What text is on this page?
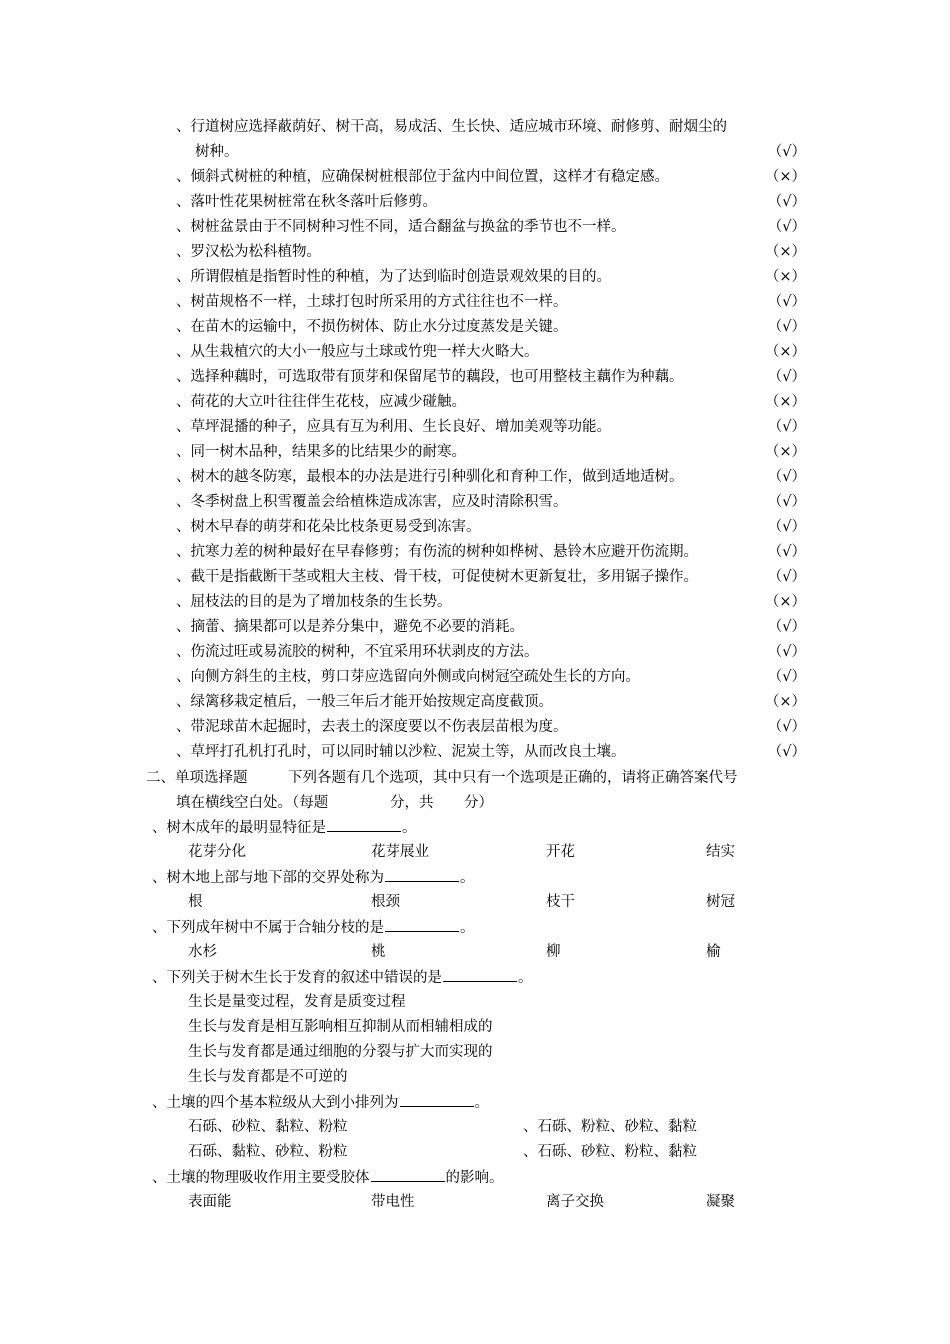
、行道树应选择蔽荫好、树干高，易成活、生长快、适应城市环境、耐修剪、耐烟尘的
树种。	（√）
、倾斜式树桩的种植，应确保树桩根部位于盆内中间位置，这样才有稳定感。	（×）
、落叶性花果树桩常在秋冬落叶后修剪。	（√）
、树桩盆景由于不同树种习性不同，适合翻盆与换盆的季节也不一样。	（√）
、罗汉松为松科植物。	（×）
、所谓假植是指暂时性的种植，为了达到临时创造景观效果的目的。	（×）
、树苗规格不一样，土球打包时所采用的方式往往也不一样。	（√）
、在苗木的运输中，不损伤树体、防止水分过度蒸发是关键。	（√）
、从生栽植穴的大小一般应与土球或竹兜一样大火略大。	（×）
、选择种藕时，可选取带有顶芽和保留尾节的藕段，也可用整枝主藕作为种藕。	（√）
、荷花的大立叶往往伴生花枝，应减少碰触。	（×）
、草坪混播的种子，应具有互为利用、生长良好、增加美观等功能。	（√）
、同一树木品种，结果多的比结果少的耐寒。	（×）
、树木的越冬防寒，最根本的办法是进行引种驯化和育种工作，做到适地适树。	（√）
、冬季树盘上积雪覆盖会给植株造成冻害，应及时清除积雪。	（√）
、树木早春的萌芽和花朵比枝条更易受到冻害。	（√）
、抗寒力差的树种最好在早春修剪；有伤流的树种如桦树、悬铃木应避开伤流期。	（√）
、截干是指截断干茎或粗大主枝、骨干枝，可促使树木更新复壮，多用锯子操作。	（√）
、屈枝法的目的是为了增加枝条的生长势。	（×）
、摘蕾、摘果都可以是养分集中，避免不必要的消耗。	（√）
、伤流过旺或易流胶的树种，不宜采用环状剥皮的方法。	（√）
、向侧方斜生的主枝，剪口芽应选留向外侧或向树冠空疏处生长的方向。	（√）
、绿篱移栽定植后，一般三年后才能开始按规定高度截顶。	（×）
、带泥球苗木起掘时，去表土的深度要以不伤表层苗根为度。	（√）
、草坪打孔机打孔时，可以同时辅以沙粒、泥炭土等，从而改良土壤。	（√）
二、单项选择题	下列各题有几个选项，其中只有一个选项是正确的，请将正确答案代号
填在横线空白处。（每题	分，共 分）
、树木成年的最明显特征是	。
花芽分化	花芽展业	开花	结实
、树木地上部与地下部的交界处称为	。
根	根颈	枝干	树冠
、下列成年树中不属于合轴分枝的是	。
水杉	桃	柳	榆
、下列关于树木生长于发育的叙述中错误的是	。
生长是量变过程，发育是质变过程
生长与发育是相互影响相互抑制从而相辅相成的
生长与发育都是通过细胞的分裂与扩大而实现的
生长与发育都是不可逆的
、土壤的四个基本粒级从大到小排列为	。
石砾、砂粒、黏粒、粉粒	、石砾、粉粒、砂粒、黏粒
石砾、黏粒、砂粒、粉粒	、石砾、砂粒、粉粒、黏粒
、土壤的物理吸收作用主要受胶体	的影响。
表面能	带电性	离子交换	凝聚
